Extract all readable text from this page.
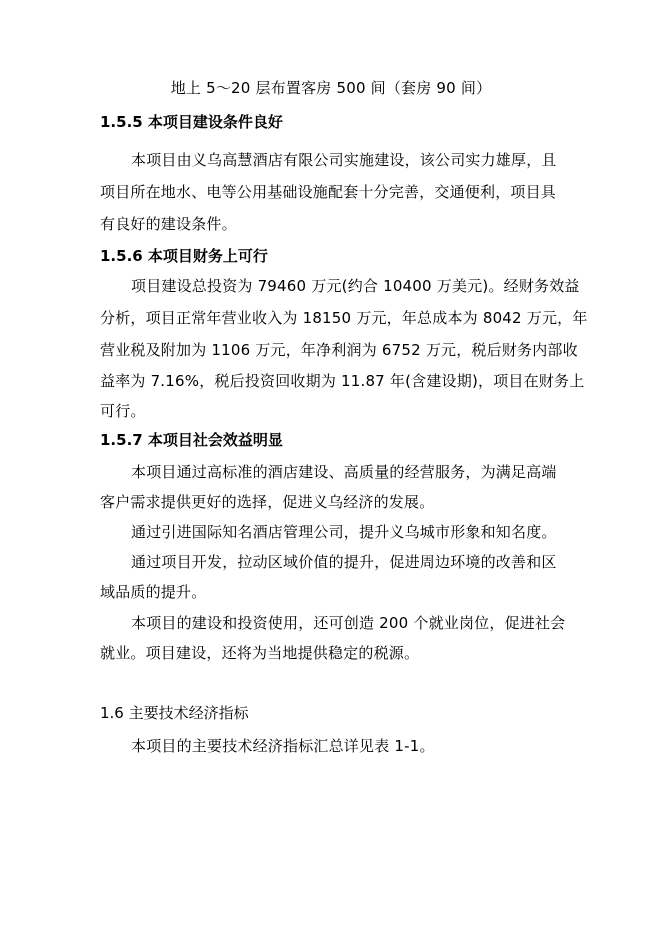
地上 5～20 层布置客房 500 间（套房 90 间）
1.5.5 本项目建设条件良好
本项目由义乌高慧酒店有限公司实施建设，该公司实力雄厚，且
项目所在地水、电等公用基础设施配套十分完善，交通便利，项目具
有良好的建设条件。
1.5.6 本项目财务上可行
项目建设总投资为 79460 万元(约合 10400 万美元)。经财务效益
分析，项目正常年营业收入为 18150 万元，年总成本为 8042 万元，年
营业税及附加为 1106 万元，年净利润为 6752 万元，税后财务内部收
益率为 7.16%，税后投资回收期为 11.87 年(含建设期)，项目在财务上
可行。
1.5.7 本项目社会效益明显
本项目通过高标准的酒店建设、高质量的经营服务，为满足高端
客户需求提供更好的选择，促进义乌经济的发展。
通过引进国际知名酒店管理公司，提升义乌城市形象和知名度。
通过项目开发，拉动区域价值的提升，促进周边环境的改善和区
域品质的提升。
本项目的建设和投资使用，还可创造 200 个就业岗位，促进社会
就业。项目建设，还将为当地提供稳定的税源。
1.6 主要技术经济指标
本项目的主要技术经济指标汇总详见表 1-1。
